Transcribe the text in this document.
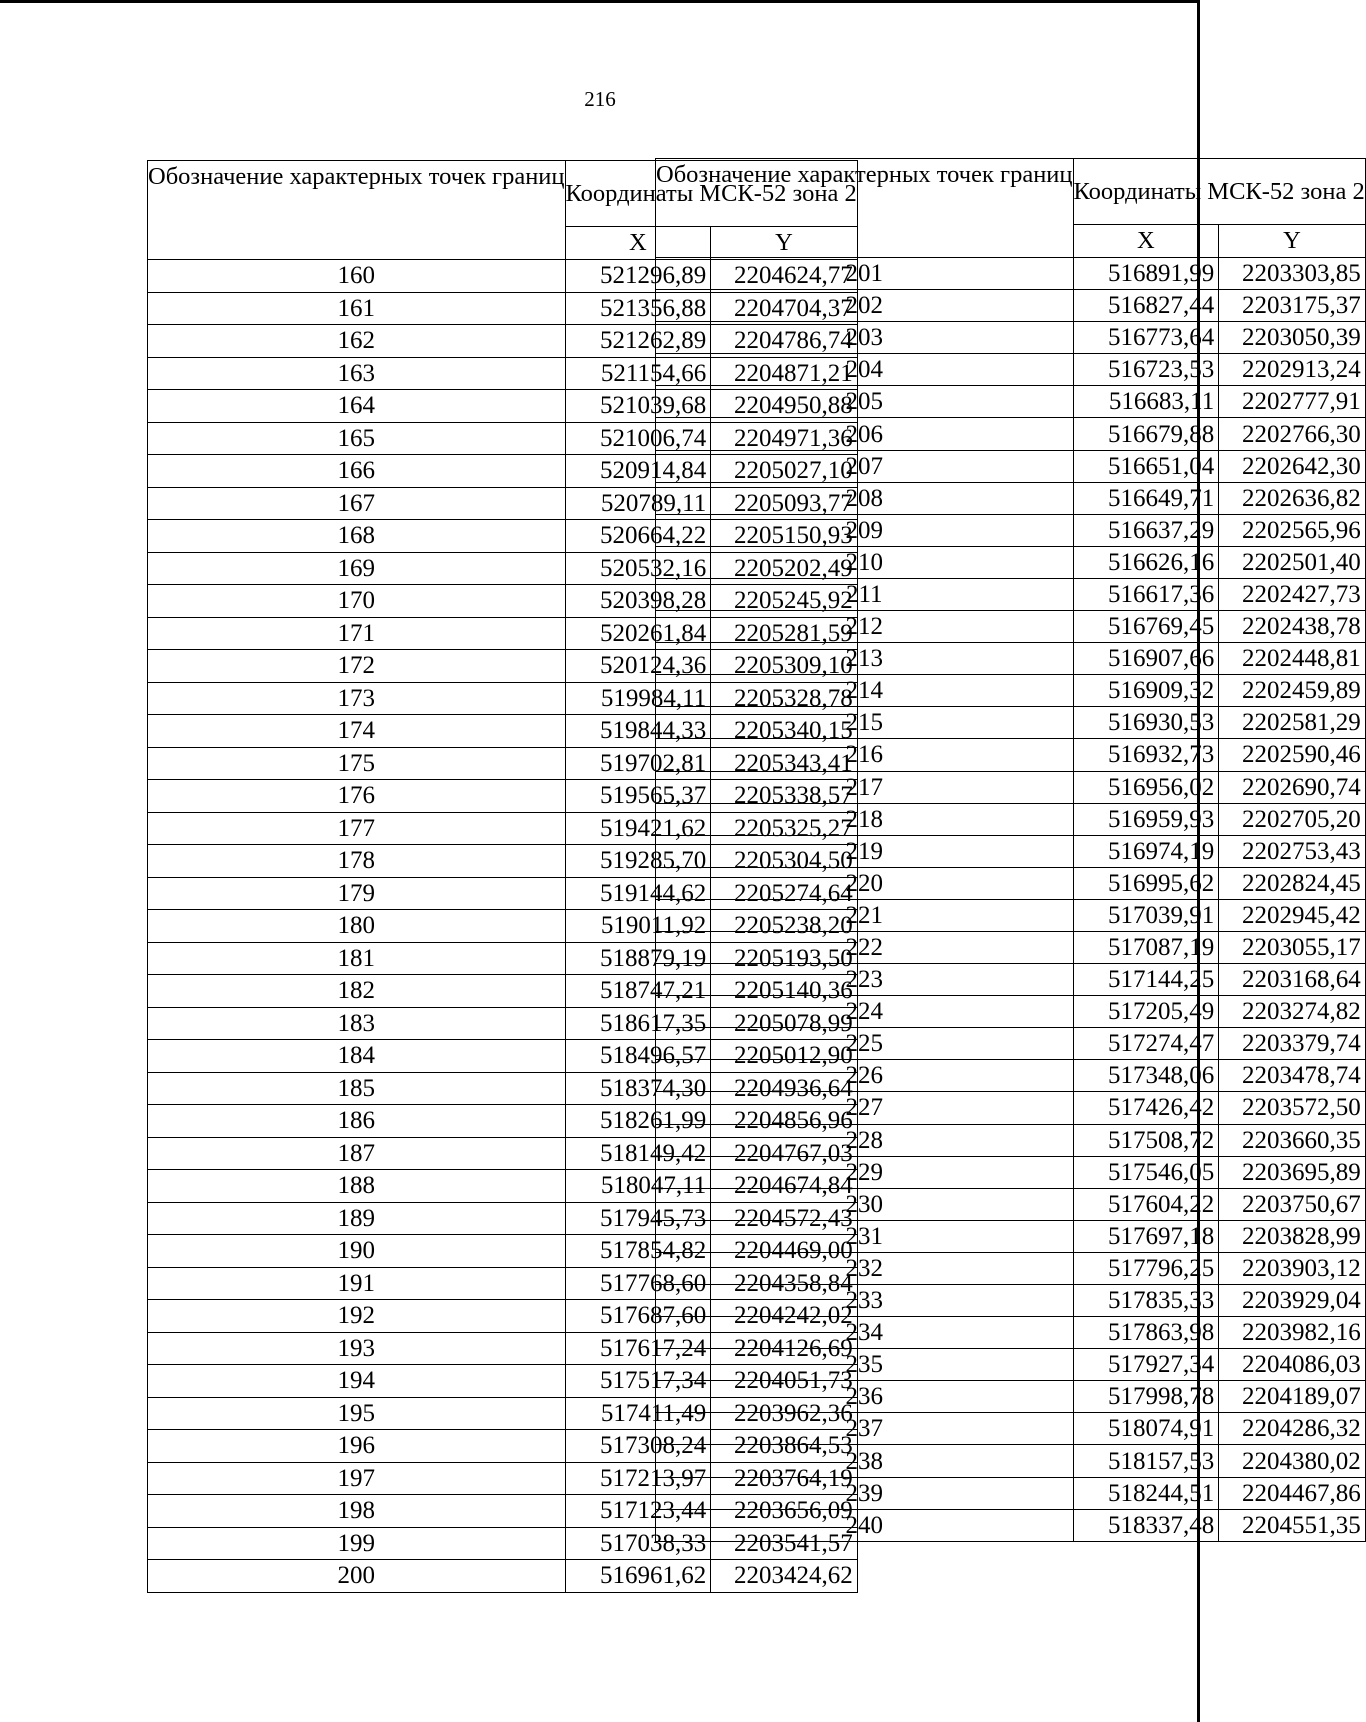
216
Обозначение характерных точек границ	Координаты МСК-52 зона 2	
	X	Y
160	521296,89	2204624,77
161	521356,88	2204704,37
162	521262,89	2204786,74
163	521154,66	2204871,21
164	521039,68	2204950,88
165	521006,74	2204971,36
166	520914,84	2205027,10
167	520789,11	2205093,77
168	520664,22	2205150,93
169	520532,16	2205202,49
170	520398,28	2205245,92
171	520261,84	2205281,59
172	520124,36	2205309,10
173	519984,11	2205328,78
174	519844,33	2205340,15
175	519702,81	2205343,41
176	519565,37	2205338,57
177	519421,62	2205325,27
178	519285,70	2205304,50
179	519144,62	2205274,64
180	519011,92	2205238,20
181	518879,19	2205193,50
182	518747,21	2205140,36
183	518617,35	2205078,99
184	518496,57	2205012,90
185	518374,30	2204936,64
186	518261,99	2204856,96
187	518149,42	2204767,03
188	518047,11	2204674,84
189	517945,73	2204572,43
190	517854,82	2204469,00
191	517768,60	2204358,84
192	517687,60	2204242,02
193	517617,24	2204126,69
194	517517,34	2204051,73
195	517411,49	2203962,36
196	517308,24	2203864,53
197	517213,97	2203764,19
198	517123,44	2203656,09
199	517038,33	2203541,57
200	516961,62	2203424,62
Обозначение характерных точек границ	Координаты МСК-52 зона 2	
	X	Y
201	516891,99	2203303,85
202	516827,44	2203175,37
203	516773,64	2203050,39
204	516723,53	2202913,24
205	516683,11	2202777,91
206	516679,88	2202766,30
207	516651,04	2202642,30
208	516649,71	2202636,82
209	516637,29	2202565,96
210	516626,16	2202501,40
211	516617,36	2202427,73
212	516769,45	2202438,78
213	516907,66	2202448,81
214	516909,32	2202459,89
215	516930,53	2202581,29
216	516932,73	2202590,46
217	516956,02	2202690,74
218	516959,93	2202705,20
219	516974,19	2202753,43
220	516995,62	2202824,45
221	517039,91	2202945,42
222	517087,19	2203055,17
223	517144,25	2203168,64
224	517205,49	2203274,82
225	517274,47	2203379,74
226	517348,06	2203478,74
227	517426,42	2203572,50
228	517508,72	2203660,35
229	517546,05	2203695,89
230	517604,22	2203750,67
231	517697,18	2203828,99
232	517796,25	2203903,12
233	517835,33	2203929,04
234	517863,98	2203982,16
235	517927,34	2204086,03
236	517998,78	2204189,07
237	518074,91	2204286,32
238	518157,53	2204380,02
239	518244,51	2204467,86
240	518337,48	2204551,35
